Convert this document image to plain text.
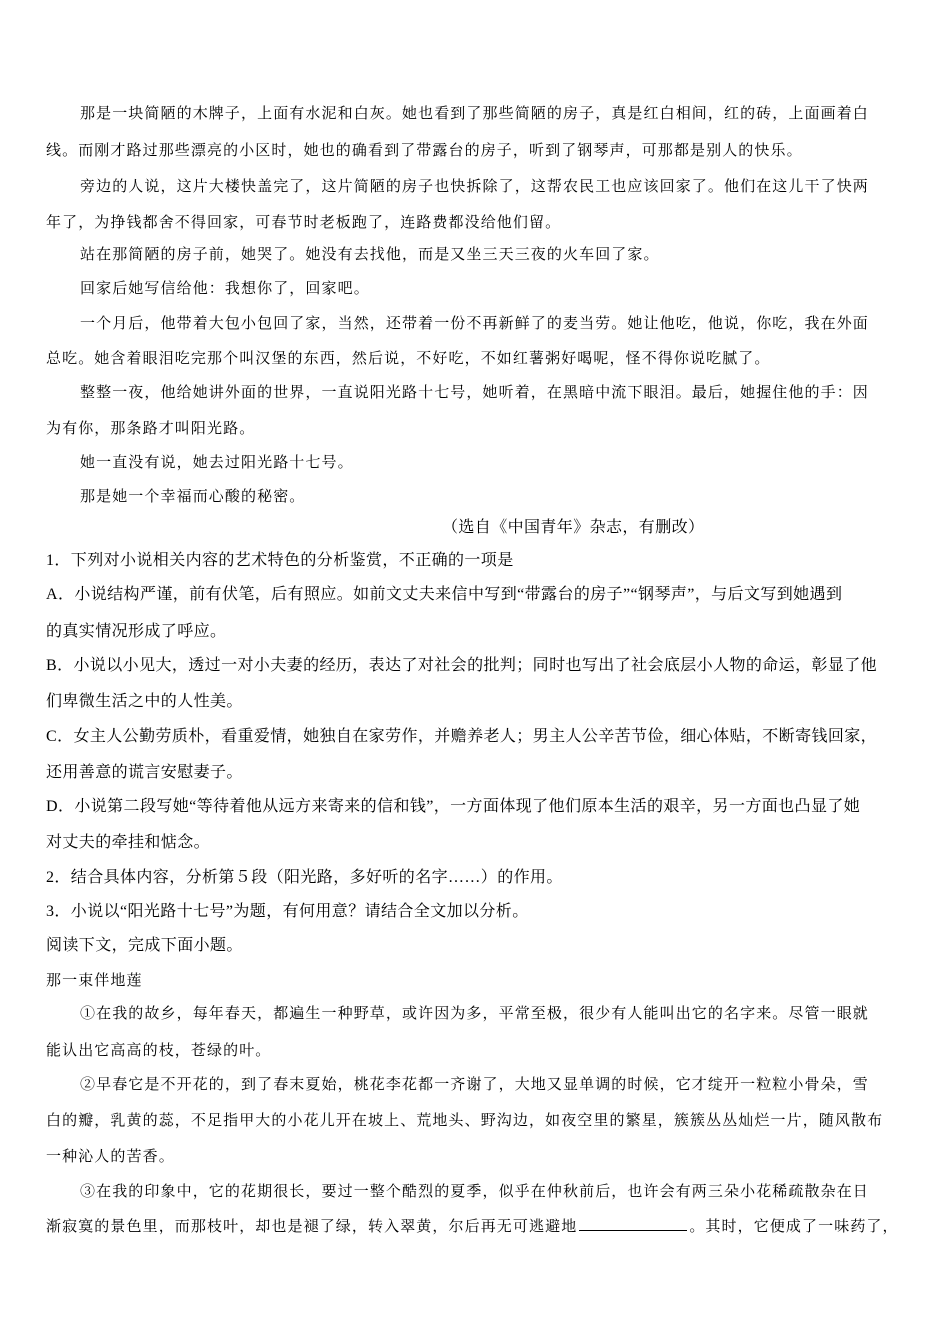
那是一块简陋的木牌子，上面有水泥和白灰。她也看到了那些简陋的房子，真是红白相间，红的砖，上面画着白
线。而刚才路过那些漂亮的小区时，她也的确看到了带露台的房子，听到了钢琴声，可那都是别人的快乐。
旁边的人说，这片大楼快盖完了，这片简陋的房子也快拆除了，这帮农民工也应该回家了。他们在这儿干了快两
年了，为挣钱都舍不得回家，可春节时老板跑了，连路费都没给他们留。
站在那简陋的房子前，她哭了。她没有去找他，而是又坐三天三夜的火车回了家。
回家后她写信给他：我想你了，回家吧。
一个月后，他带着大包小包回了家，当然，还带着一份不再新鲜了的麦当劳。她让他吃，他说，你吃，我在外面
总吃。她含着眼泪吃完那个叫汉堡的东西，然后说，不好吃，不如红薯粥好喝呢，怪不得你说吃腻了。
整整一夜，他给她讲外面的世界，一直说阳光路十七号，她听着，在黑暗中流下眼泪。最后，她握住他的手：因
为有你，那条路才叫阳光路。
她一直没有说，她去过阳光路十七号。
那是她一个幸福而心酸的秘密。
（选自《中国青年》杂志，有删改）
1．下列对小说相关内容的艺术特色的分析鉴赏，不正确的一项是
A．小说结构严谨，前有伏笔，后有照应。如前文丈夫来信中写到“带露台的房子”“钢琴声”，与后文写到她遇到
的真实情况形成了呼应。
B．小说以小见大，透过一对小夫妻的经历，表达了对社会的批判；同时也写出了社会底层小人物的命运，彰显了他
们卑微生活之中的人性美。
C．女主人公勤劳质朴，看重爱情，她独自在家劳作，并赡养老人；男主人公辛苦节俭，细心体贴，不断寄钱回家，
还用善意的谎言安慰妻子。
D．小说第二段写她“等待着他从远方来寄来的信和钱”，一方面体现了他们原本生活的艰辛，另一方面也凸显了她
对丈夫的牵挂和惦念。
2．结合具体内容，分析第５段（阳光路，多好听的名字……）的作用。
3．小说以“阳光路十七号”为题，有何用意？请结合全文加以分析。
阅读下文，完成下面小题。
那一束伴地莲
①在我的故乡，每年春天，都遍生一种野草，或许因为多，平常至极，很少有人能叫出它的名字来。尽管一眼就
能认出它高高的枝，苍绿的叶。
②早春它是不开花的，到了春末夏始，桃花李花都一齐谢了，大地又显单调的时候，它才绽开一粒粒小骨朵，雪
白的瓣，乳黄的蕊，不足指甲大的小花儿开在坡上、荒地头、野沟边，如夜空里的繁星，簇簇丛丛灿烂一片，随风散布
一种沁人的苦香。
③在我的印象中，它的花期很长，要过一整个酷烈的夏季，似乎在仲秋前后，也许会有两三朵小花稀疏散杂在日
渐寂寞的景色里，而那枝叶，却也是褪了绿，转入翠黄，尔后再无可逃避地	。其时，它便成了一味药了，
